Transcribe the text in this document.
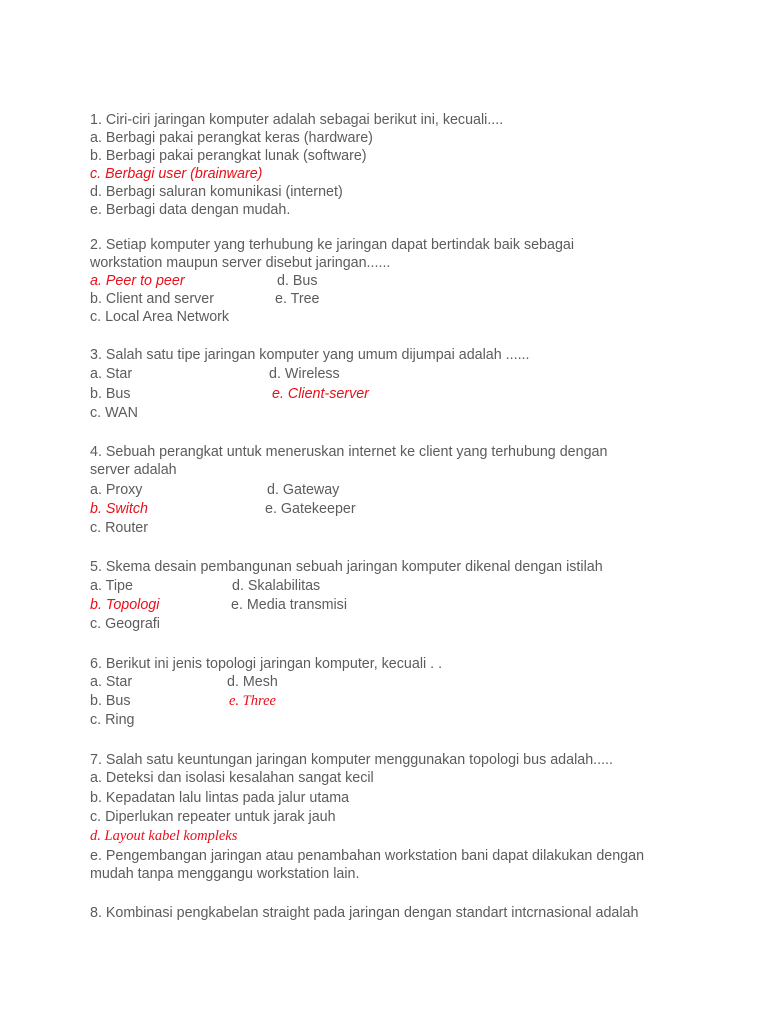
1. Ciri-ciri jaringan komputer adalah sebagai berikut ini, kecuali....
a. Berbagi pakai perangkat keras (hardware)
b. Berbagi pakai perangkat lunak (software)
c. Berbagi user (brainware)
d. Berbagi saluran komunikasi (internet)
e. Berbagi data dengan mudah.
2. Setiap komputer yang terhubung ke jaringan dapat bertindak baik sebagai
workstation maupun server disebut jaringan......
a. Peer to peer	d. Bus
b. Client and server	e. Tree
c. Local Area Network
3. Salah satu tipe jaringan komputer yang umum dijumpai adalah ......
a. Star	d. Wireless
b. Bus	e. Client-server
c. WAN
4. Sebuah perangkat untuk meneruskan internet ke client yang terhubung dengan
server adalah
a. Proxy	d. Gateway
b. Switch	e. Gatekeeper
c. Router
5. Skema desain pembangunan sebuah jaringan komputer dikenal dengan istilah
a. Tipe	d. Skalabilitas
b. Topologi	e. Media transmisi
c. Geografi
6. Berikut ini jenis topologi jaringan komputer, kecuali . .
a. Star	d. Mesh
b. Bus	e. Three
c. Ring
7. Salah satu keuntungan jaringan komputer menggunakan topologi bus adalah.....
a. Deteksi dan isolasi kesalahan sangat kecil
b. Kepadatan lalu lintas pada jalur utama
c. Diperlukan repeater untuk jarak jauh
d. Layout kabel kompleks
e. Pengembangan jaringan atau penambahan workstation bani dapat dilakukan dengan
mudah tanpa menggangu workstation lain.
8. Kombinasi pengkabelan straight pada jaringan dengan standart intcrnasional adalah
